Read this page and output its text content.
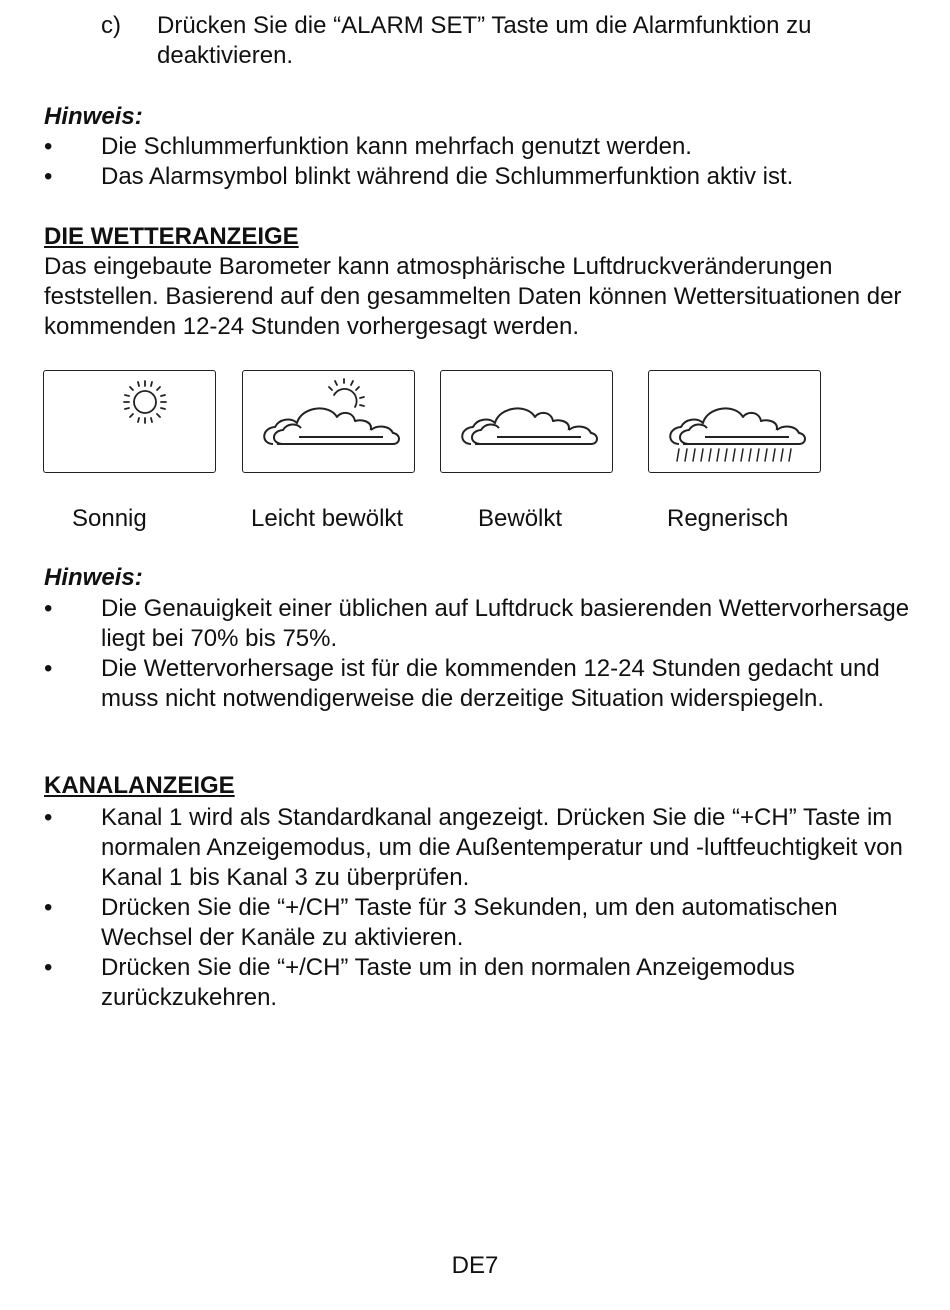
c) Drücken Sie die “ALARM SET” Taste um die Alarmfunktion zu deaktivieren.
Hinweis:
•	Die Schlummerfunktion kann mehrfach genutzt werden.
•	Das Alarmsymbol blinkt während die Schlummerfunktion aktiv ist.
DIE WETTERANZEIGE
Das eingebaute Barometer kann atmosphärische Luftdruckveränderungen feststellen. Basierend auf den gesammelten Daten können Wettersituationen der kommenden 12-24 Stunden vorhergesagt werden.
Sonnig	Leicht bewölkt	Bewölkt	Regnerisch
Hinweis:
•	Die Genauigkeit einer üblichen auf Luftdruck basierenden Wettervorhersage liegt bei 70% bis 75%.
•	Die Wettervorhersage ist für die kommenden 12-24 Stunden gedacht und muss nicht notwendigerweise die derzeitige Situation widerspiegeln.
KANALANZEIGE
•	Kanal 1 wird als Standardkanal angezeigt. Drücken Sie die “+CH” Taste im normalen Anzeigemodus, um die Außentemperatur und -luftfeuchtigkeit von Kanal 1 bis Kanal 3 zu überprüfen.
•	Drücken Sie die “+/CH” Taste für 3 Sekunden, um den automatischen Wechsel der Kanäle zu aktivieren.
•	Drücken Sie die “+/CH” Taste um in den normalen Anzeigemodus zurückzukehren.
DE7
